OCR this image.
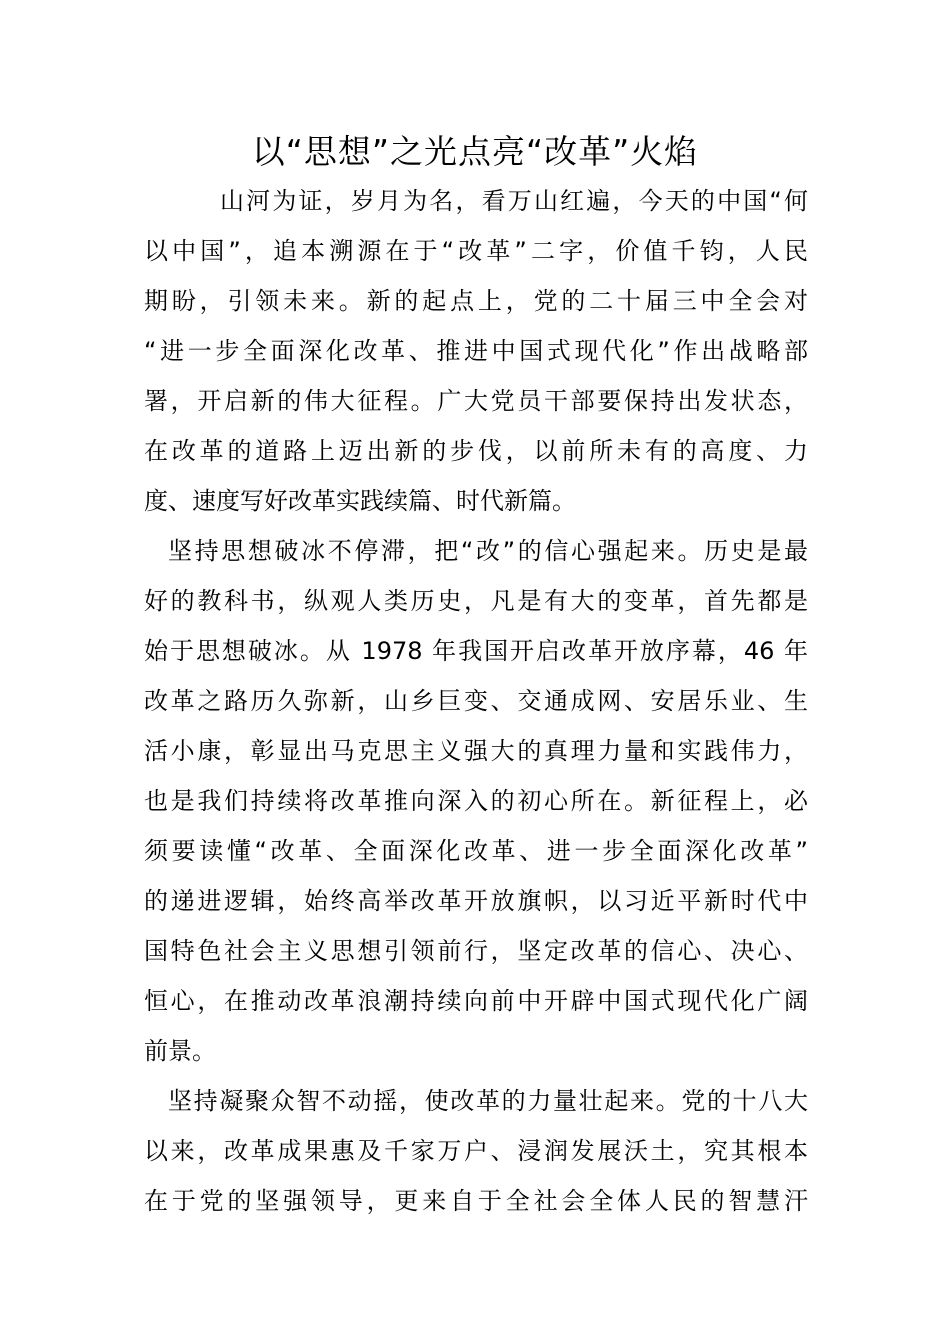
以“思想”之光点亮“改革”火焰
山河为证，岁月为名，看万山红遍，今天的中国“何
以中国”，追本溯源在于“改革”二字，价值千钧，人民
期盼，引领未来。新的起点上，党的二十届三中全会对
“进一步全面深化改革、推进中国式现代化”作出战略部
署，开启新的伟大征程。广大党员干部要保持出发状态，
在改革的道路上迈出新的步伐，以前所未有的高度、力
度、速度写好改革实践续篇、时代新篇。
坚持思想破冰不停滞，把“改”的信心强起来。历史是最
好的教科书，纵观人类历史，凡是有大的变革，首先都是
始于思想破冰。从 1978 年我国开启改革开放序幕，46 年
改革之路历久弥新，山乡巨变、交通成网、安居乐业、生
活小康，彰显出马克思主义强大的真理力量和实践伟力，
也是我们持续将改革推向深入的初心所在。新征程上，必
须要读懂“改革、全面深化改革、进一步全面深化改革”
的递进逻辑，始终高举改革开放旗帜，以习近平新时代中
国特色社会主义思想引领前行，坚定改革的信心、决心、
恒心，在推动改革浪潮持续向前中开辟中国式现代化广阔
前景。
坚持凝聚众智不动摇，使改革的力量壮起来。党的十八大
以来，改革成果惠及千家万户、浸润发展沃土，究其根本
在于党的坚强领导，更来自于全社会全体人民的智慧汗
